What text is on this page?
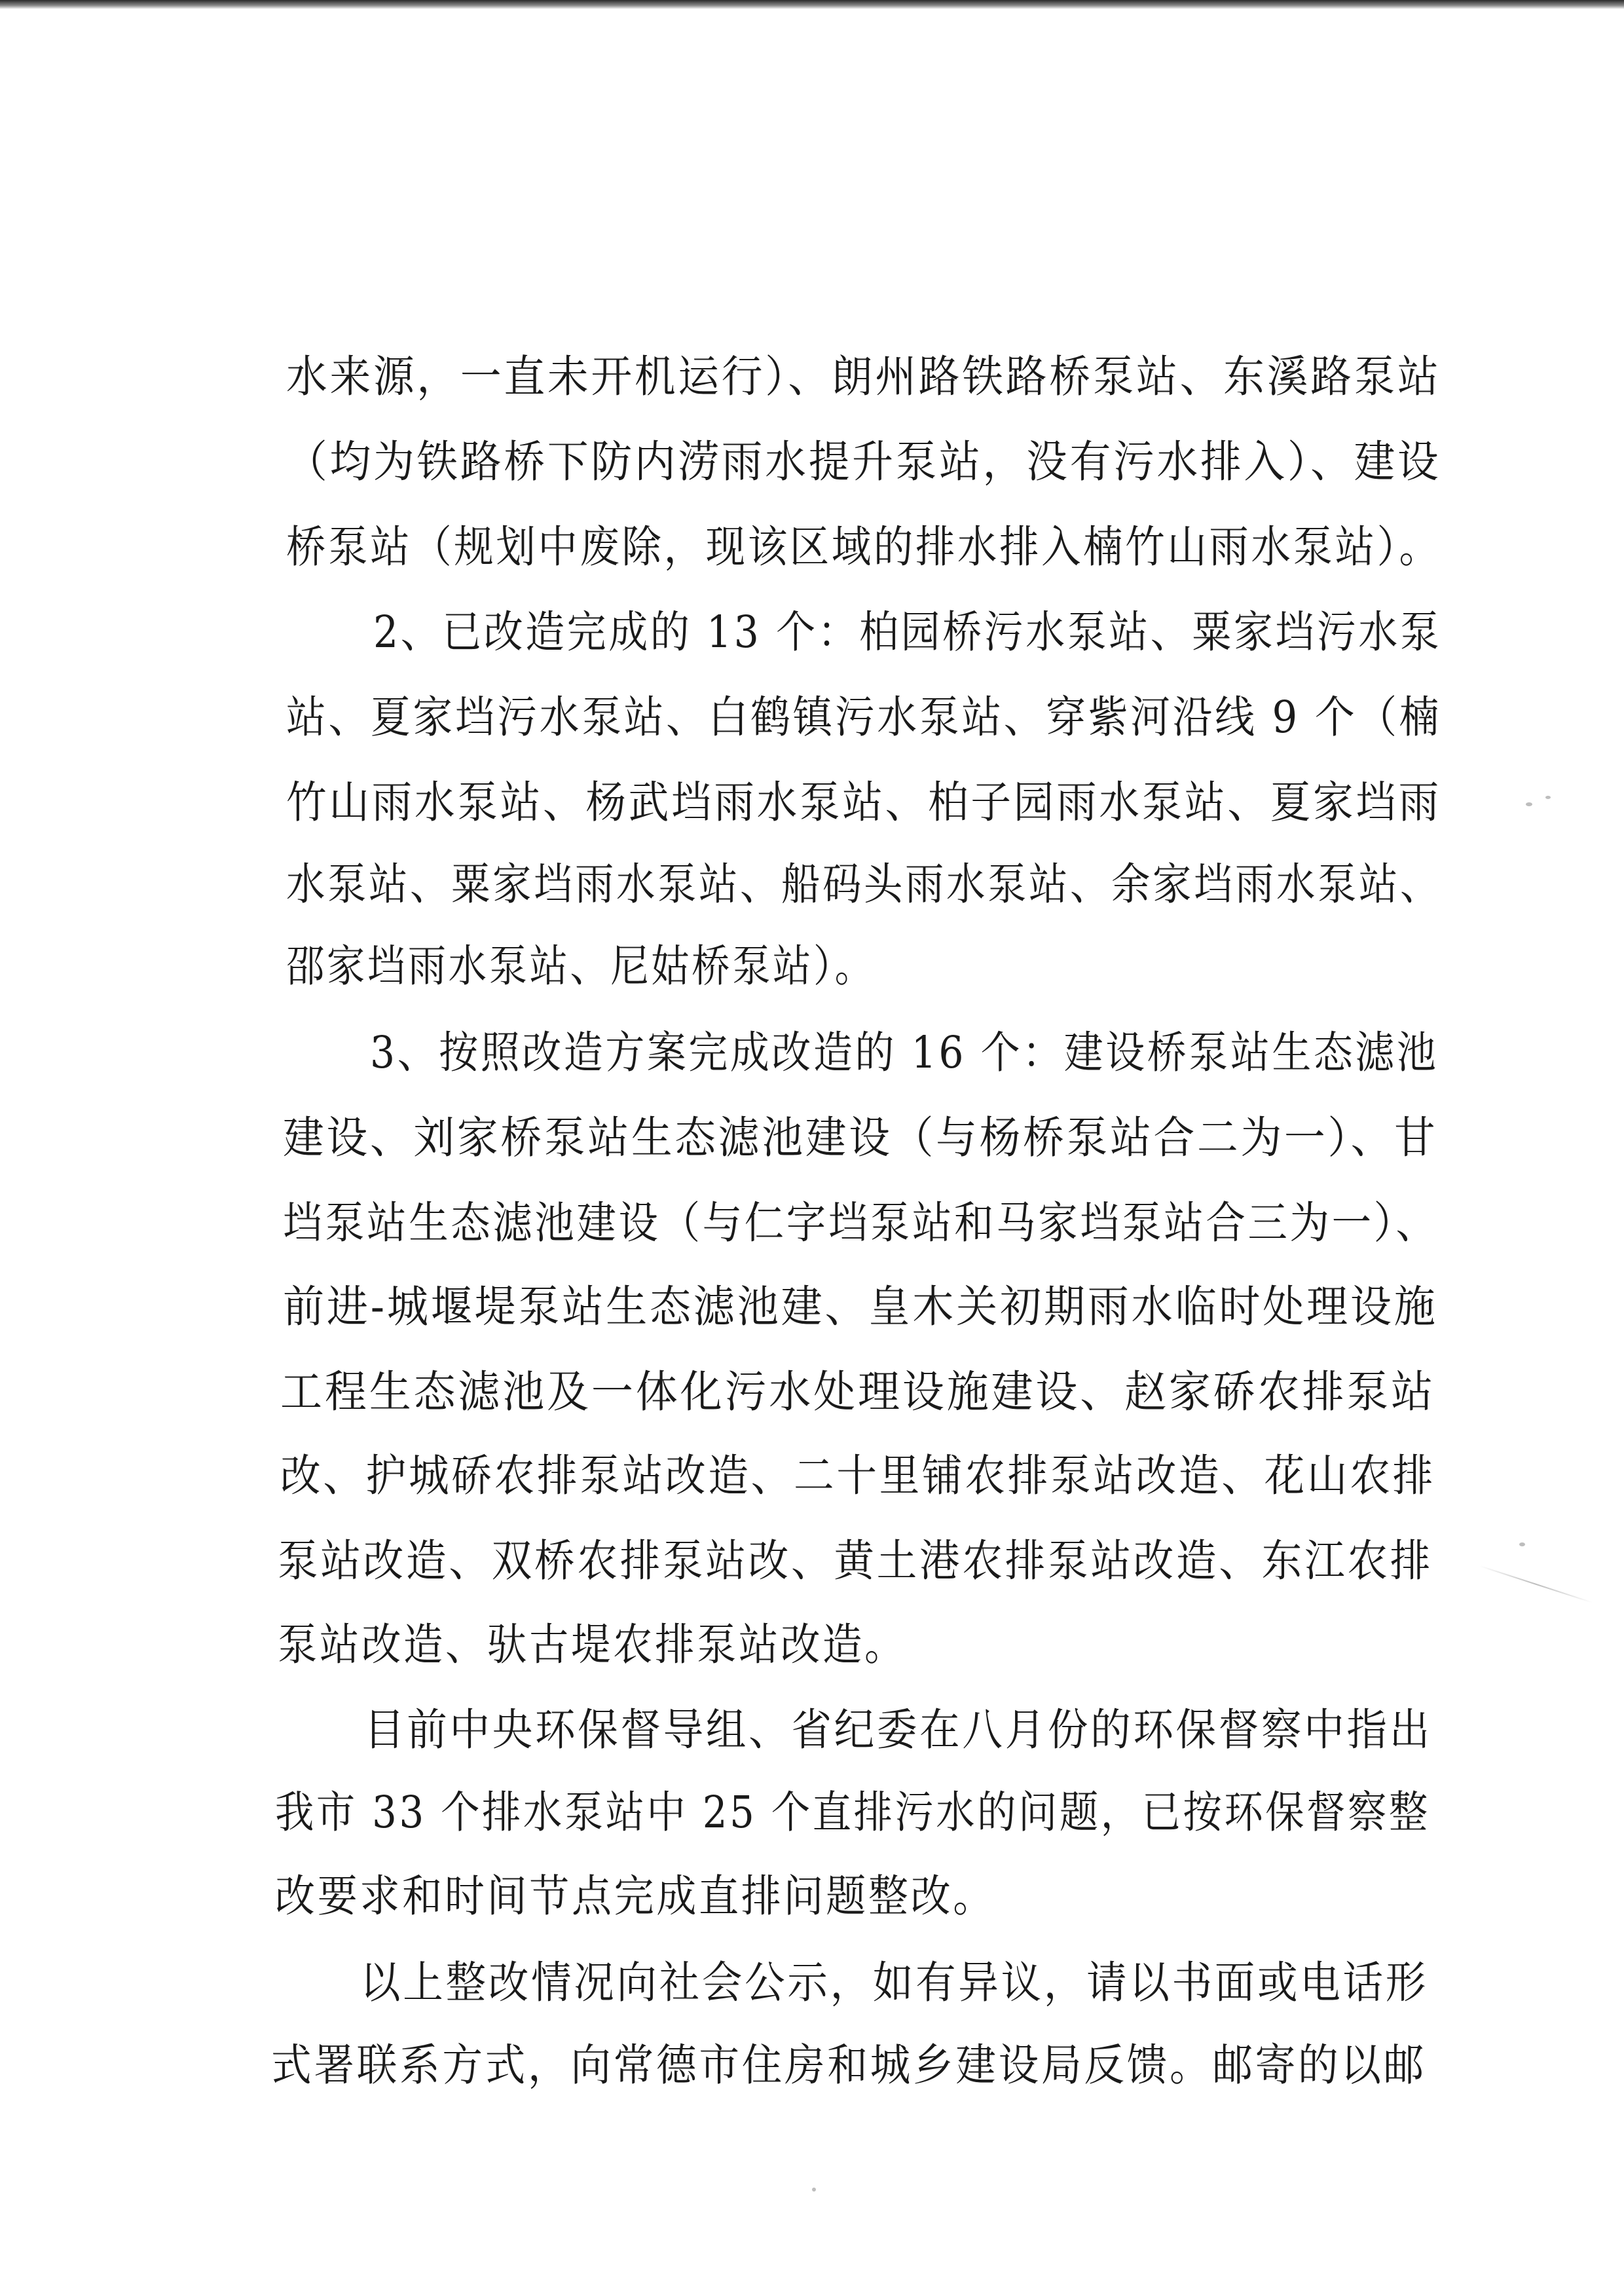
水来源，一直未开机运行）、朗州路铁路桥泵站、东溪路泵站
（均为铁路桥下防内涝雨水提升泵站，没有污水排入）、建设
桥泵站（规划中废除，现该区域的排水排入楠竹山雨水泵站）。
2、已改造完成的 13 个：柏园桥污水泵站、粟家垱污水泵
站、夏家垱污水泵站、白鹤镇污水泵站、穿紫河沿线 9 个（楠
竹山雨水泵站、杨武垱雨水泵站、柏子园雨水泵站、夏家垱雨
水泵站、粟家垱雨水泵站、船码头雨水泵站、余家垱雨水泵站、
邵家垱雨水泵站、尼姑桥泵站）。
3、按照改造方案完成改造的 16 个：建设桥泵站生态滤池
建设、刘家桥泵站生态滤池建设（与杨桥泵站合二为一）、甘
垱泵站生态滤池建设（与仁字垱泵站和马家垱泵站合三为一）、
前进-城堰堤泵站生态滤池建、皇木关初期雨水临时处理设施
工程生态滤池及一体化污水处理设施建设、赵家硚农排泵站
改、护城硚农排泵站改造、二十里铺农排泵站改造、花山农排
泵站改造、双桥农排泵站改、黄土港农排泵站改造、东江农排
泵站改造、驮古堤农排泵站改造。
目前中央环保督导组、省纪委在八月份的环保督察中指出
我市 33 个排水泵站中 25 个直排污水的问题，已按环保督察整
改要求和时间节点完成直排问题整改。
以上整改情况向社会公示，如有异议，请以书面或电话形
式署联系方式，向常德市住房和城乡建设局反馈。邮寄的以邮
